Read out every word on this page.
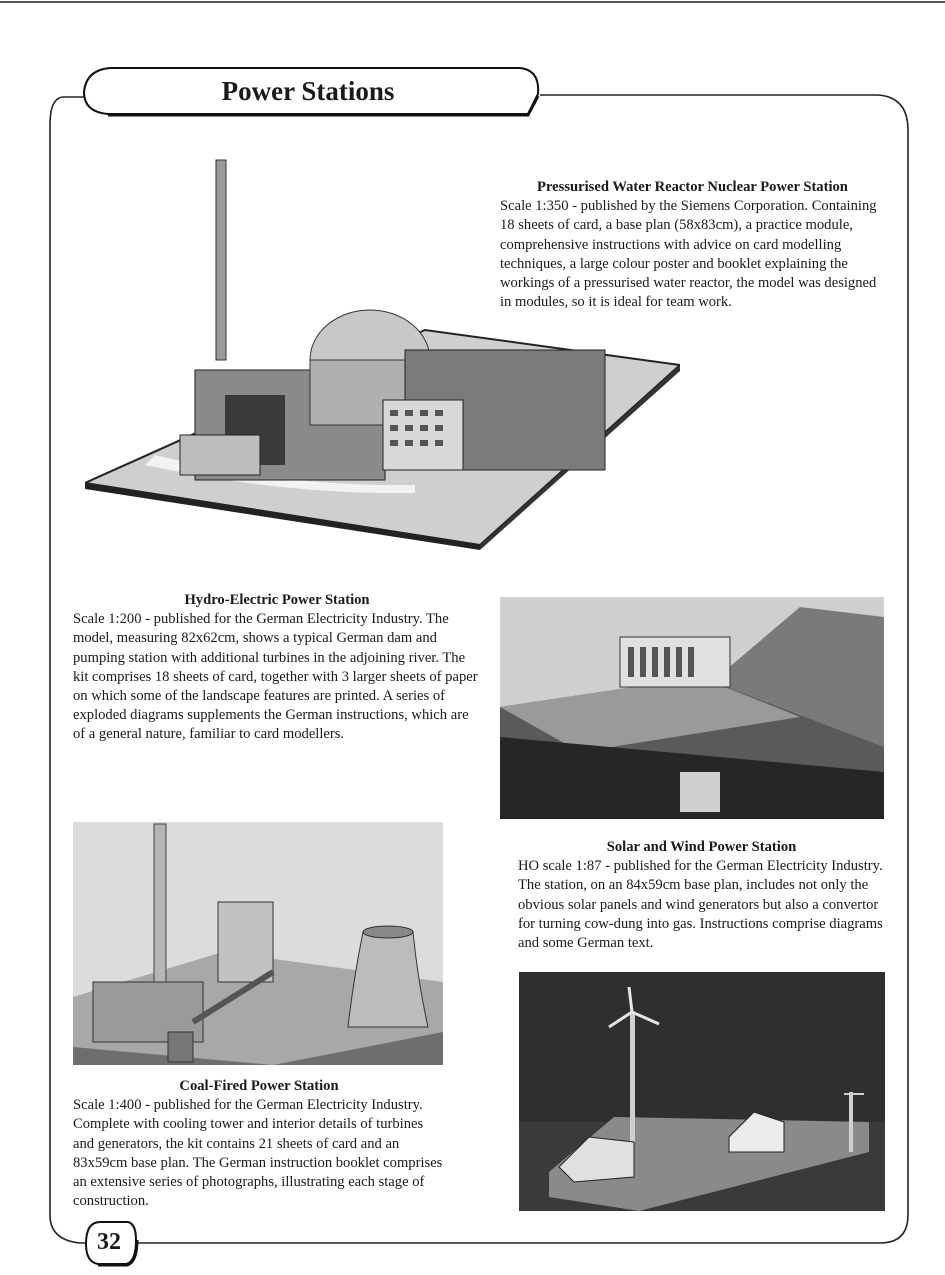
Power Stations
Pressurised Water Reactor Nuclear Power Station

Scale 1:350 - published by the Siemens Corporation. Containing 18 sheets of card, a base plan (58x83cm), a practice module, comprehensive instructions with advice on card modelling techniques, a large colour poster and booklet explaining the workings of a pressurised water reactor, the model was designed in modules, so it is ideal for team work.

Hydro-Electric Power Station

Scale 1:200 - published for the German Electricity Industry. The model, measuring 82x62cm, shows a typical German dam and pumping station with additional turbines in the adjoining river. The kit comprises 18 sheets of card, together with 3 larger sheets of paper on which some of the landscape features are printed. A series of exploded diagrams supplements the German instructions, which are of a general nature, familiar to card modellers.

Solar and Wind Power Station

HO scale 1:87 - published for the German Electricity Industry. The station, on an 84x59cm base plan, includes not only the obvious solar panels and wind generators but also a convertor for turning cow-dung into gas. Instructions comprise diagrams and some German text.

Coal-Fired Power Station

Scale 1:400 - published for the German Electricity Industry. Complete with cooling tower and interior details of turbines and generators, the kit contains 21 sheets of card and an 83x59cm base plan. The German instruction booklet comprises an extensive series of photographs, illustrating each stage of construction.

32
